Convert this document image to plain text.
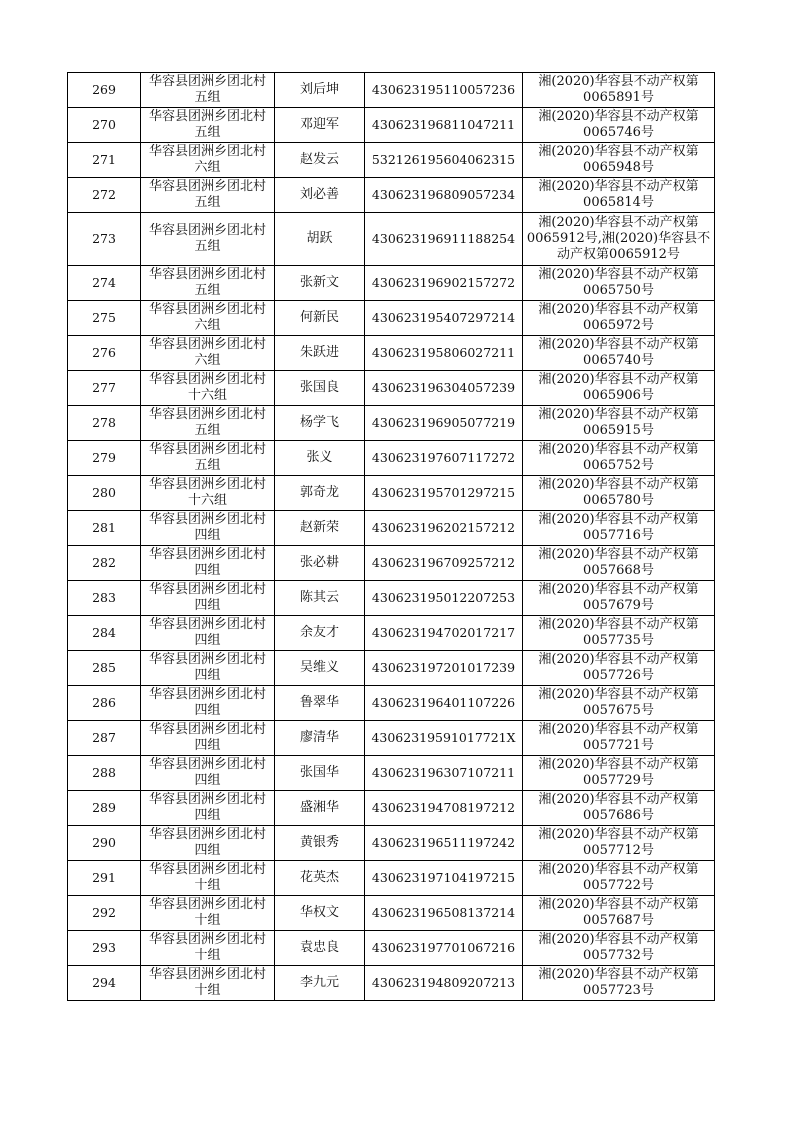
269	华容县团洲乡团北村五组	刘后坤	430623195110057236	湘(2020)华容县不动产权第0065891号
270	华容县团洲乡团北村五组	邓迎军	430623196811047211	湘(2020)华容县不动产权第0065746号
271	华容县团洲乡团北村六组	赵发云	532126195604062315	湘(2020)华容县不动产权第0065948号
272	华容县团洲乡团北村五组	刘必善	430623196809057234	湘(2020)华容县不动产权第0065814号
273	华容县团洲乡团北村五组	胡跃	430623196911188254	湘(2020)华容县不动产权第0065912号,湘(2020)华容县不动产权第0065912号
274	华容县团洲乡团北村五组	张新文	430623196902157272	湘(2020)华容县不动产权第0065750号
275	华容县团洲乡团北村六组	何新民	430623195407297214	湘(2020)华容县不动产权第0065972号
276	华容县团洲乡团北村六组	朱跃进	430623195806027211	湘(2020)华容县不动产权第0065740号
277	华容县团洲乡团北村十六组	张国良	430623196304057239	湘(2020)华容县不动产权第0065906号
278	华容县团洲乡团北村五组	杨学飞	430623196905077219	湘(2020)华容县不动产权第0065915号
279	华容县团洲乡团北村五组	张义	430623197607117272	湘(2020)华容县不动产权第0065752号
280	华容县团洲乡团北村十六组	郭奇龙	430623195701297215	湘(2020)华容县不动产权第0065780号
281	华容县团洲乡团北村四组	赵新荣	430623196202157212	湘(2020)华容县不动产权第0057716号
282	华容县团洲乡团北村四组	张必耕	430623196709257212	湘(2020)华容县不动产权第0057668号
283	华容县团洲乡团北村四组	陈其云	430623195012207253	湘(2020)华容县不动产权第0057679号
284	华容县团洲乡团北村四组	余友才	430623194702017217	湘(2020)华容县不动产权第0057735号
285	华容县团洲乡团北村四组	吴维义	430623197201017239	湘(2020)华容县不动产权第0057726号
286	华容县团洲乡团北村四组	鲁翠华	430623196401107226	湘(2020)华容县不动产权第0057675号
287	华容县团洲乡团北村四组	廖清华	43062319591017721X	湘(2020)华容县不动产权第0057721号
288	华容县团洲乡团北村四组	张国华	430623196307107211	湘(2020)华容县不动产权第0057729号
289	华容县团洲乡团北村四组	盛湘华	430623194708197212	湘(2020)华容县不动产权第0057686号
290	华容县团洲乡团北村四组	黄银秀	430623196511197242	湘(2020)华容县不动产权第0057712号
291	华容县团洲乡团北村十组	花英杰	430623197104197215	湘(2020)华容县不动产权第0057722号
292	华容县团洲乡团北村十组	华权文	430623196508137214	湘(2020)华容县不动产权第0057687号
293	华容县团洲乡团北村十组	袁忠良	430623197701067216	湘(2020)华容县不动产权第0057732号
294	华容县团洲乡团北村十组	李九元	430623194809207213	湘(2020)华容县不动产权第0057723号
